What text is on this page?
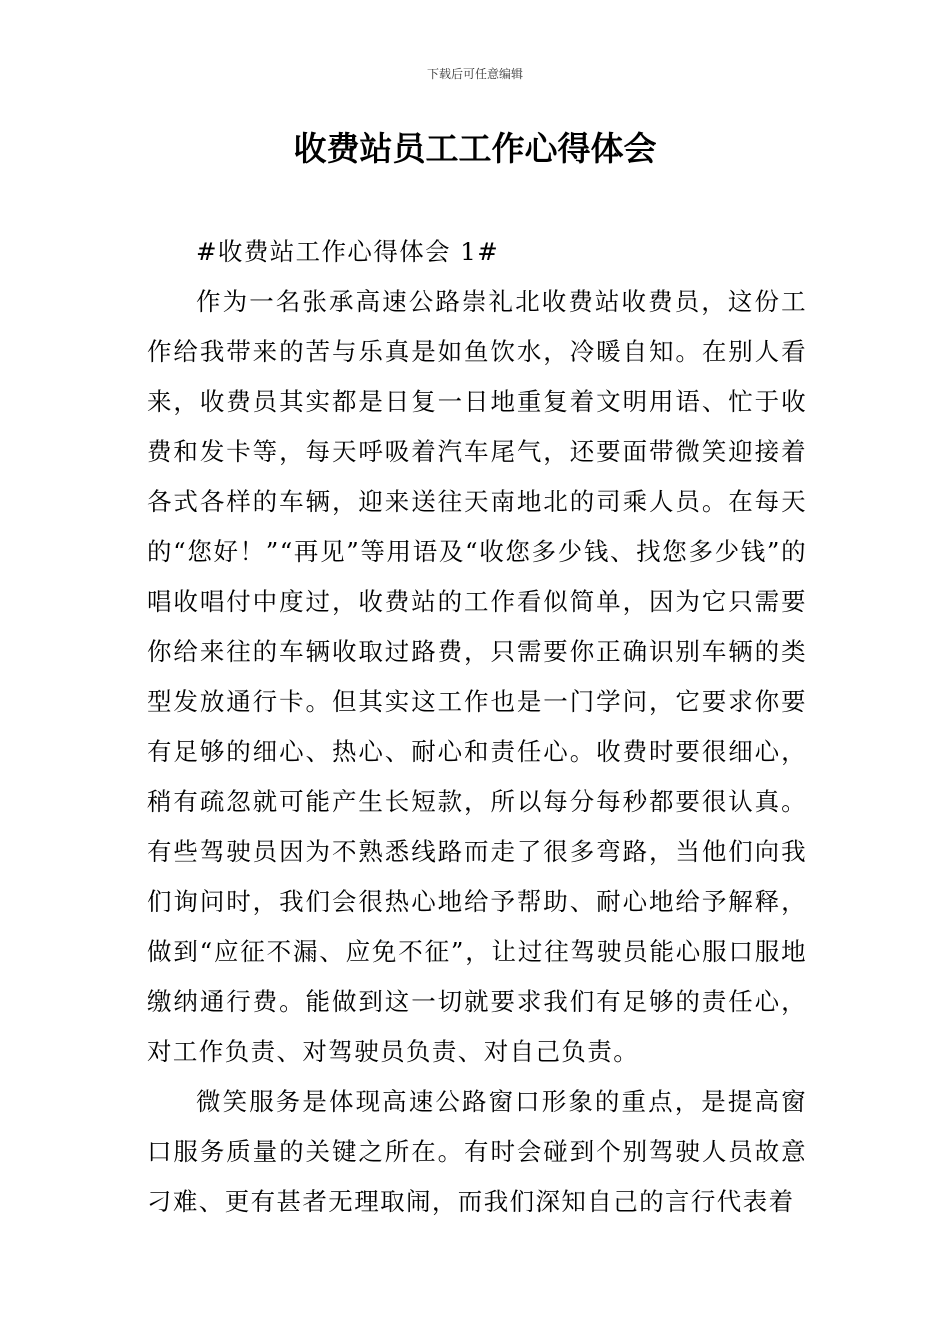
下载后可任意编辑
收费站员工工作心得体会
#收费站工作心得体会 1#

作为一名张承高速公路崇礼北收费站收费员，这份工作给我带来的苦与乐真是如鱼饮水，冷暖自知。在别人看来，收费员其实都是日复一日地重复着文明用语、忙于收费和发卡等，每天呼吸着汽车尾气，还要面带微笑迎接着各式各样的车辆，迎来送往天南地北的司乘人员。在每天的“您好！”“再见”等用语及“收您多少钱、找您多少钱”的唱收唱付中度过，收费站的工作看似简单，因为它只需要你给来往的车辆收取过路费，只需要你正确识别车辆的类型发放通行卡。但其实这工作也是一门学问，它要求你要有足够的细心、热心、耐心和责任心。收费时要很细心，稍有疏忽就可能产生长短款，所以每分每秒都要很认真。有些驾驶员因为不熟悉线路而走了很多弯路，当他们向我们询问时，我们会很热心地给予帮助、耐心地给予解释，做到“应征不漏、应免不征”，让过往驾驶员能心服口服地缴纳通行费。能做到这一切就要求我们有足够的责任心，对工作负责、对驾驶员负责、对自己负责。

微笑服务是体现高速公路窗口形象的重点，是提高窗口服务质量的关键之所在。有时会碰到个别驾驶人员故意刁难、更有甚者无理取闹，而我们深知自己的言行代表着
